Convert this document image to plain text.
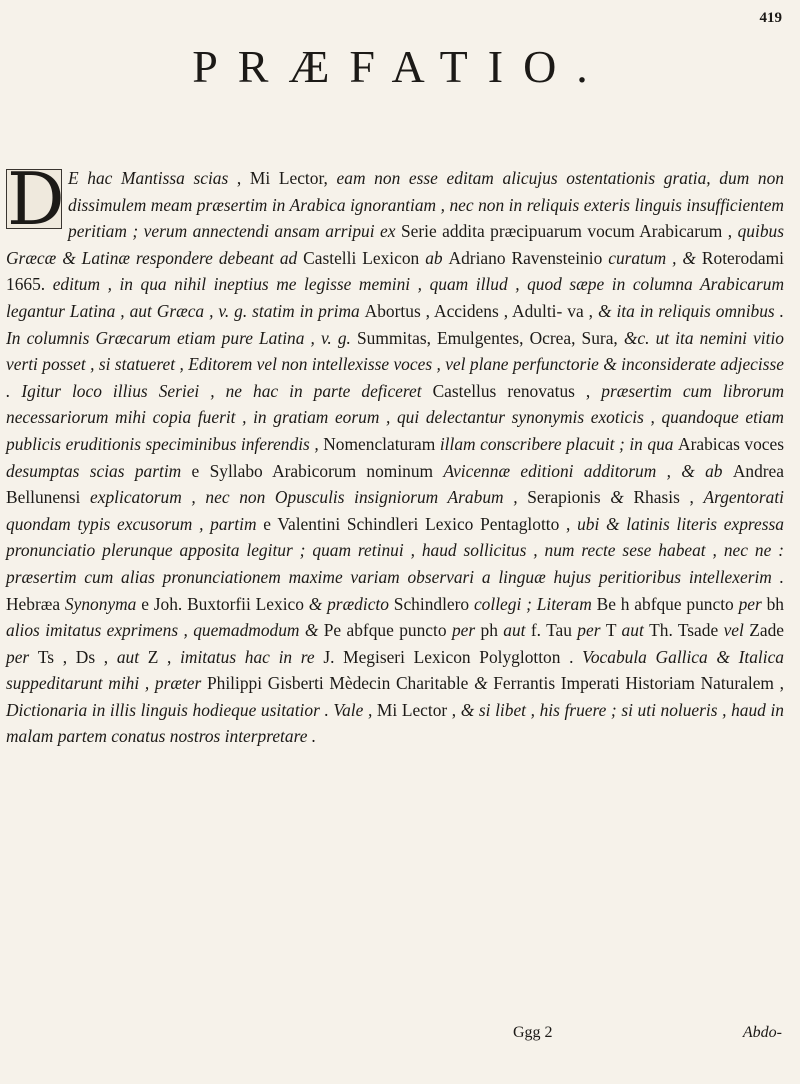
419
PRÆFATIO.

D E hac Mantissa scias , Mi Lector, eam non esse editam alicujus ostentationis gratia, dum non dissimulem meam præsertim in Arabica ignorantiam , nec non in reliquis exteris linguis insufficientem peritiam ; verum annectendi ansam arripui ex Serie addita præcipuarum vocum Arabicarum , quibus Græcæ & Latinæ respondere debeant ad Castelli Lexicon ab Adriano Ravensteinio curatum , & Roterodami 1665. editum , in qua nihil ineptius me legisse memini , quam illud , quod sæpe in columna Arabicarum legantur Latina , aut Græca , v. g. statim in prima Abortus , Accidens , Adulti- va , & ita in reliquis omnibus . In columnis Græcarum etiam pure Latina , v. g. Summitas, Emulgentes, Ocrea, Sura, &c. ut ita nemini vitio verti posset , si statueret , Editorem vel non intellexisse voces , vel plane perfunctorie & inconsiderate adjecisse . Igitur loco illius Seriei , ne hac in parte deficeret Castellus renovatus , præsertim cum librorum necessariorum mihi copia fuerit , in gratiam eorum , qui delectantur synonymis exoticis , quandoque etiam publicis eruditionis speciminibus inferendis , Nomenclaturam illam conscribere placuit ; in qua Arabicas voces desumptas scias partim e Syllabo Arabicorum nominum Avicennæ editioni additorum , & ab Andrea Bellunensi explicatorum , nec non Opusculis insigniorum Arabum , Serapionis & Rhasis , Argentorati quondam typis excusorum , partim e Valentini Schindleri Lexico Pentaglotto , ubi & latinis literis expressa pronunciatio plerunque apposita legitur ; quam retinui , haud sollicitus , num recte sese habeat , nec ne : præsertim cum alias pronunciationem maxime variam observari a linguæ hujus peritioribus intellexerim . Hebræa Synonyma e Joh. Buxtorfii Lexico & prædicto Schindlero collegi ; Literam Be h abfque puncto per bh alios imitatus exprimens , quemadmodum & Pe abfque puncto per ph aut f. Tau per T aut Th. Tsade vel Zade per Ts , Ds , aut Z , imitatus hac in re J. Megiseri Lexicon Polyglotton . Vocabula Gallica & Italica suppeditarunt mihi , præter Philippi Gisberti Mèdecin Charitable & Ferrantis Imperati Historiam Naturalem , Dictionaria in illis linguis hodieque usitatior . Vale , Mi Lector , & si libet , his fruere ; si uti nolueris , haud in malam partem conatus nostros interpretare .

Ggg 2	Abdo-
